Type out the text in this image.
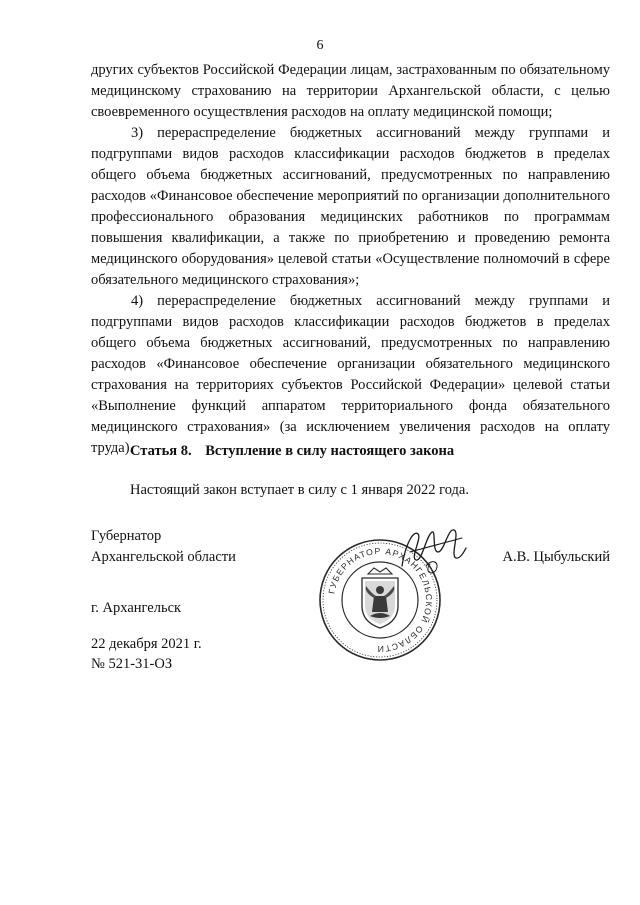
6

других субъектов Российской Федерации лицам, застрахованным по обязательному медицинскому страхованию на территории Архангельской области, с целью своевременного осуществления расходов на оплату медицинской помощи;

3) перераспределение бюджетных ассигнований между группами и подгруппами видов расходов классификации расходов бюджетов в пределах общего объема бюджетных ассигнований, предусмотренных по направлению расходов «Финансовое обеспечение мероприятий по организации дополнительного профессионального образования медицинских работников по программам повышения квалификации, а также по приобретению и проведению ремонта медицинского оборудования» целевой статьи «Осуществление полномочий в сфере обязательного медицинского страхования»;

4) перераспределение бюджетных ассигнований между группами и подгруппами видов расходов классификации расходов бюджетов в пределах общего объема бюджетных ассигнований, предусмотренных по направлению расходов «Финансовое обеспечение организации обязательного медицинского страхования на территориях субъектов Российской Федерации» целевой статьи «Выполнение функций аппаратом территориального фонда обязательного медицинского страхования» (за исключением увеличения расходов на оплату труда).

Статья 8. Вступление в силу настоящего закона
Настоящий закон вступает в силу с 1 января 2022 года.
Губернатор
Архангельской области	А.В. Цыбульский
ГУБЕРНАТОР АРХАНГЕЛЬСКОЙ ОБЛАСТИ
г. Архангельск
22 декабря 2021 г.
№ 521-31-ОЗ
